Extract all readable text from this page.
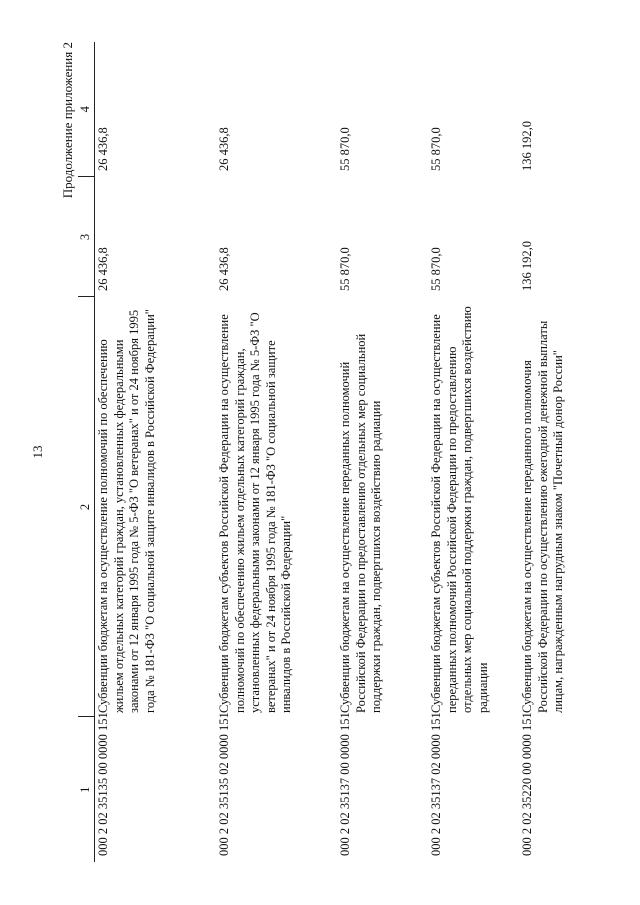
13
Продолжение приложения 2
1	2	3	4
000 2 02 35135 00 0000 151	Субвенции бюджетам на осуществление полномочий по обеспечению жильем отдельных категорий граждан, установленных федеральными законами от 12 января 1995 года № 5-ФЗ "О ветеранах" и от 24 ноября 1995 года № 181-ФЗ "О социальной защите инвалидов в Российской Федерации"	26 436,8	26 436,8
000 2 02 35135 02 0000 151	Субвенции бюджетам субъектов Российской Федерации на осуществление полномочий по обеспечению жильем отдельных категорий граждан, установленных федеральными законами от 12 января 1995 года № 5-ФЗ "О ветеранах" и от 24 ноября 1995 года № 181-ФЗ "О социальной защите инвалидов в Российской Федерации"	26 436,8	26 436,8
000 2 02 35137 00 0000 151	Субвенции бюджетам на осуществление переданных полномочий Российской Федерации по предоставлению отдельных мер социальной поддержки граждан, подвергшихся воздействию радиации	55 870,0	55 870,0
000 2 02 35137 02 0000 151	Субвенции бюджетам субъектов Российской Федерации на осуществление переданных полномочий Российской Федерации по предоставлению отдельных мер социальной поддержки граждан, подвергшихся воздействию радиации	55 870,0	55 870,0
000 2 02 35220 00 0000 151	Субвенции бюджетам на осуществление переданного полномочия Российской Федерации по осуществлению ежегодной денежной выплаты лицам, награжденным нагрудным знаком "Почетный донор России"	136 192,0	136 192,0
